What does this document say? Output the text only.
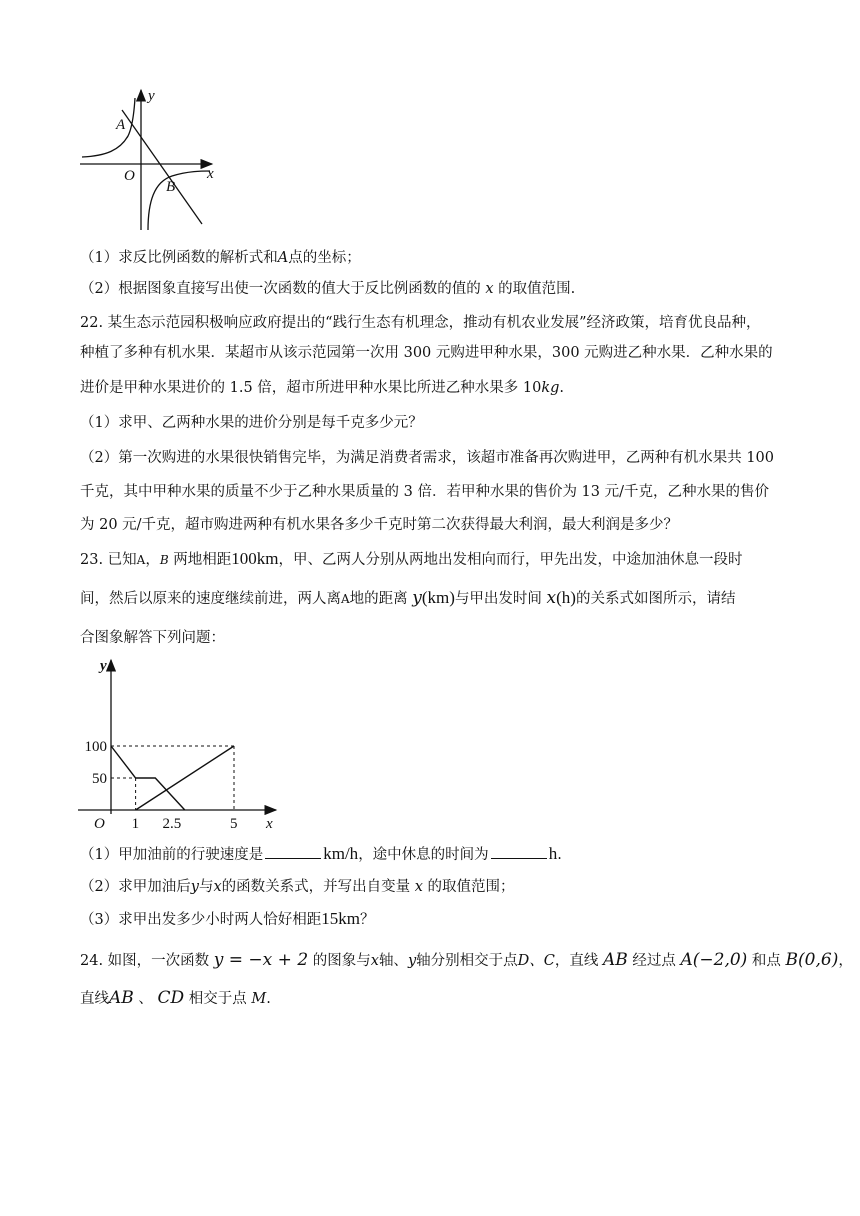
y
x
O
A
B
（1）求反比例函数的解析式和A点的坐标；
（2）根据图象直接写出使一次函数的值大于反比例函数的值的 x 的取值范围.
22. 某生态示范园积极响应政府提出的“践行生态有机理念，推动有机农业发展”经济政策，培育优良品种，
种植了多种有机水果．某超市从该示范园第一次用 300 元购进甲种水果，300 元购进乙种水果．乙种水果的
进价是甲种水果进价的 1.5 倍，超市所进甲种水果比所进乙种水果多 10kg.
（1）求甲、乙两种水果的进价分别是每千克多少元？
（2）第一次购进的水果很快销售完毕，为满足消费者需求，该超市准备再次购进甲，乙两种有机水果共 100
千克，其中甲种水果的质量不少于乙种水果质量的 3 倍．若甲种水果的售价为 13 元/千克，乙种水果的售价
为 20 元/千克，超市购进两种有机水果各多少千克时第二次获得最大利润，最大利润是多少？
23. 已知A，B 两地相距100km，甲、乙两人分别从两地出发相向而行，甲先出发，中途加油休息一段时
间，然后以原来的速度继续前进，两人离A地的距离 y(km)与甲出发时间 x(h)的关系式如图所示，请结
合图象解答下列问题：
1 2.5	5
50
100
y
x
O
（1）甲加油前的行驶速度是	km/h，途中休息的时间为	h.
（2）求甲加油后y与x的函数关系式，并写出自变量 x 的取值范围；
（3）求甲出发多少小时两人恰好相距15km？
24. 如图，一次函数 y = −x + 2 的图象与x轴、y轴分别相交于点D、C，直线 AB 经过点 A(−2,0) 和点 B(0,6)，
直线AB 、 CD 相交于点 M.
